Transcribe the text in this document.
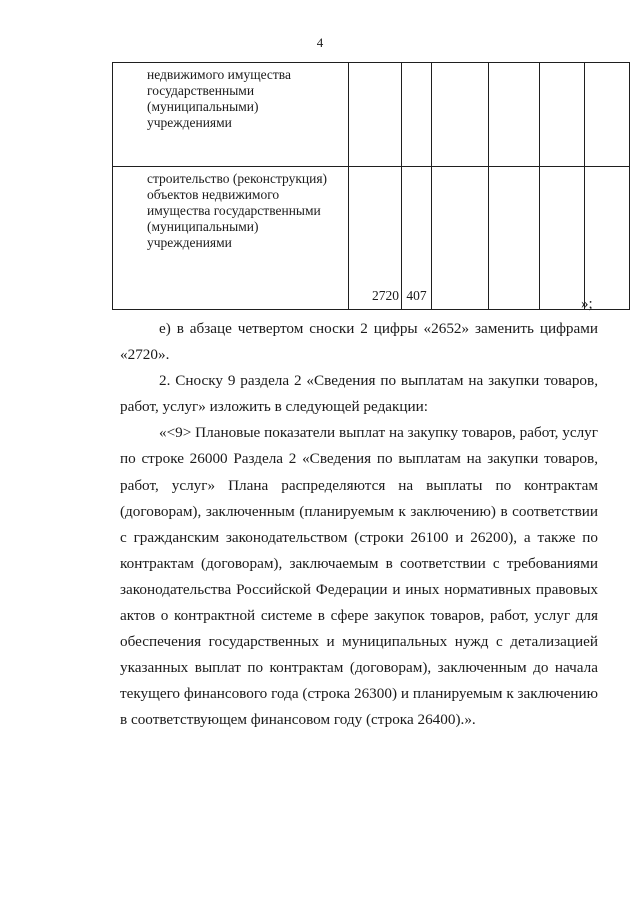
4
недвижимого имущества государственными (муниципальными) учреждениями						
строительство (реконструкция) объектов недвижимого имущества государственными (муниципальными) учреждениями	2720	407				
»;

е) в абзаце четвертом сноски 2 цифры «2652» заменить цифрами «2720».

2. Сноску 9 раздела 2 «Сведения по выплатам на закупки товаров, работ, услуг» изложить в следующей редакции:

«<9> Плановые показатели выплат на закупку товаров, работ, услуг по строке 26000 Раздела 2 «Сведения по выплатам на закупки товаров, работ, услуг» Плана распределяются на выплаты по контрактам (договорам), заключенным (планируемым к заключению) в соответствии с гражданским законодательством (строки 26100 и 26200), а также по контрактам (договорам), заключаемым в соответствии с требованиями законодательства Российской Федерации и иных нормативных правовых актов о контрактной системе в сфере закупок товаров, работ, услуг для обеспечения государственных и муниципальных нужд с детализацией указанных выплат по контрактам (договорам), заключенным до начала текущего финансового года (строка 26300) и планируемым к заключению в соответствующем финансовом году (строка 26400).».
